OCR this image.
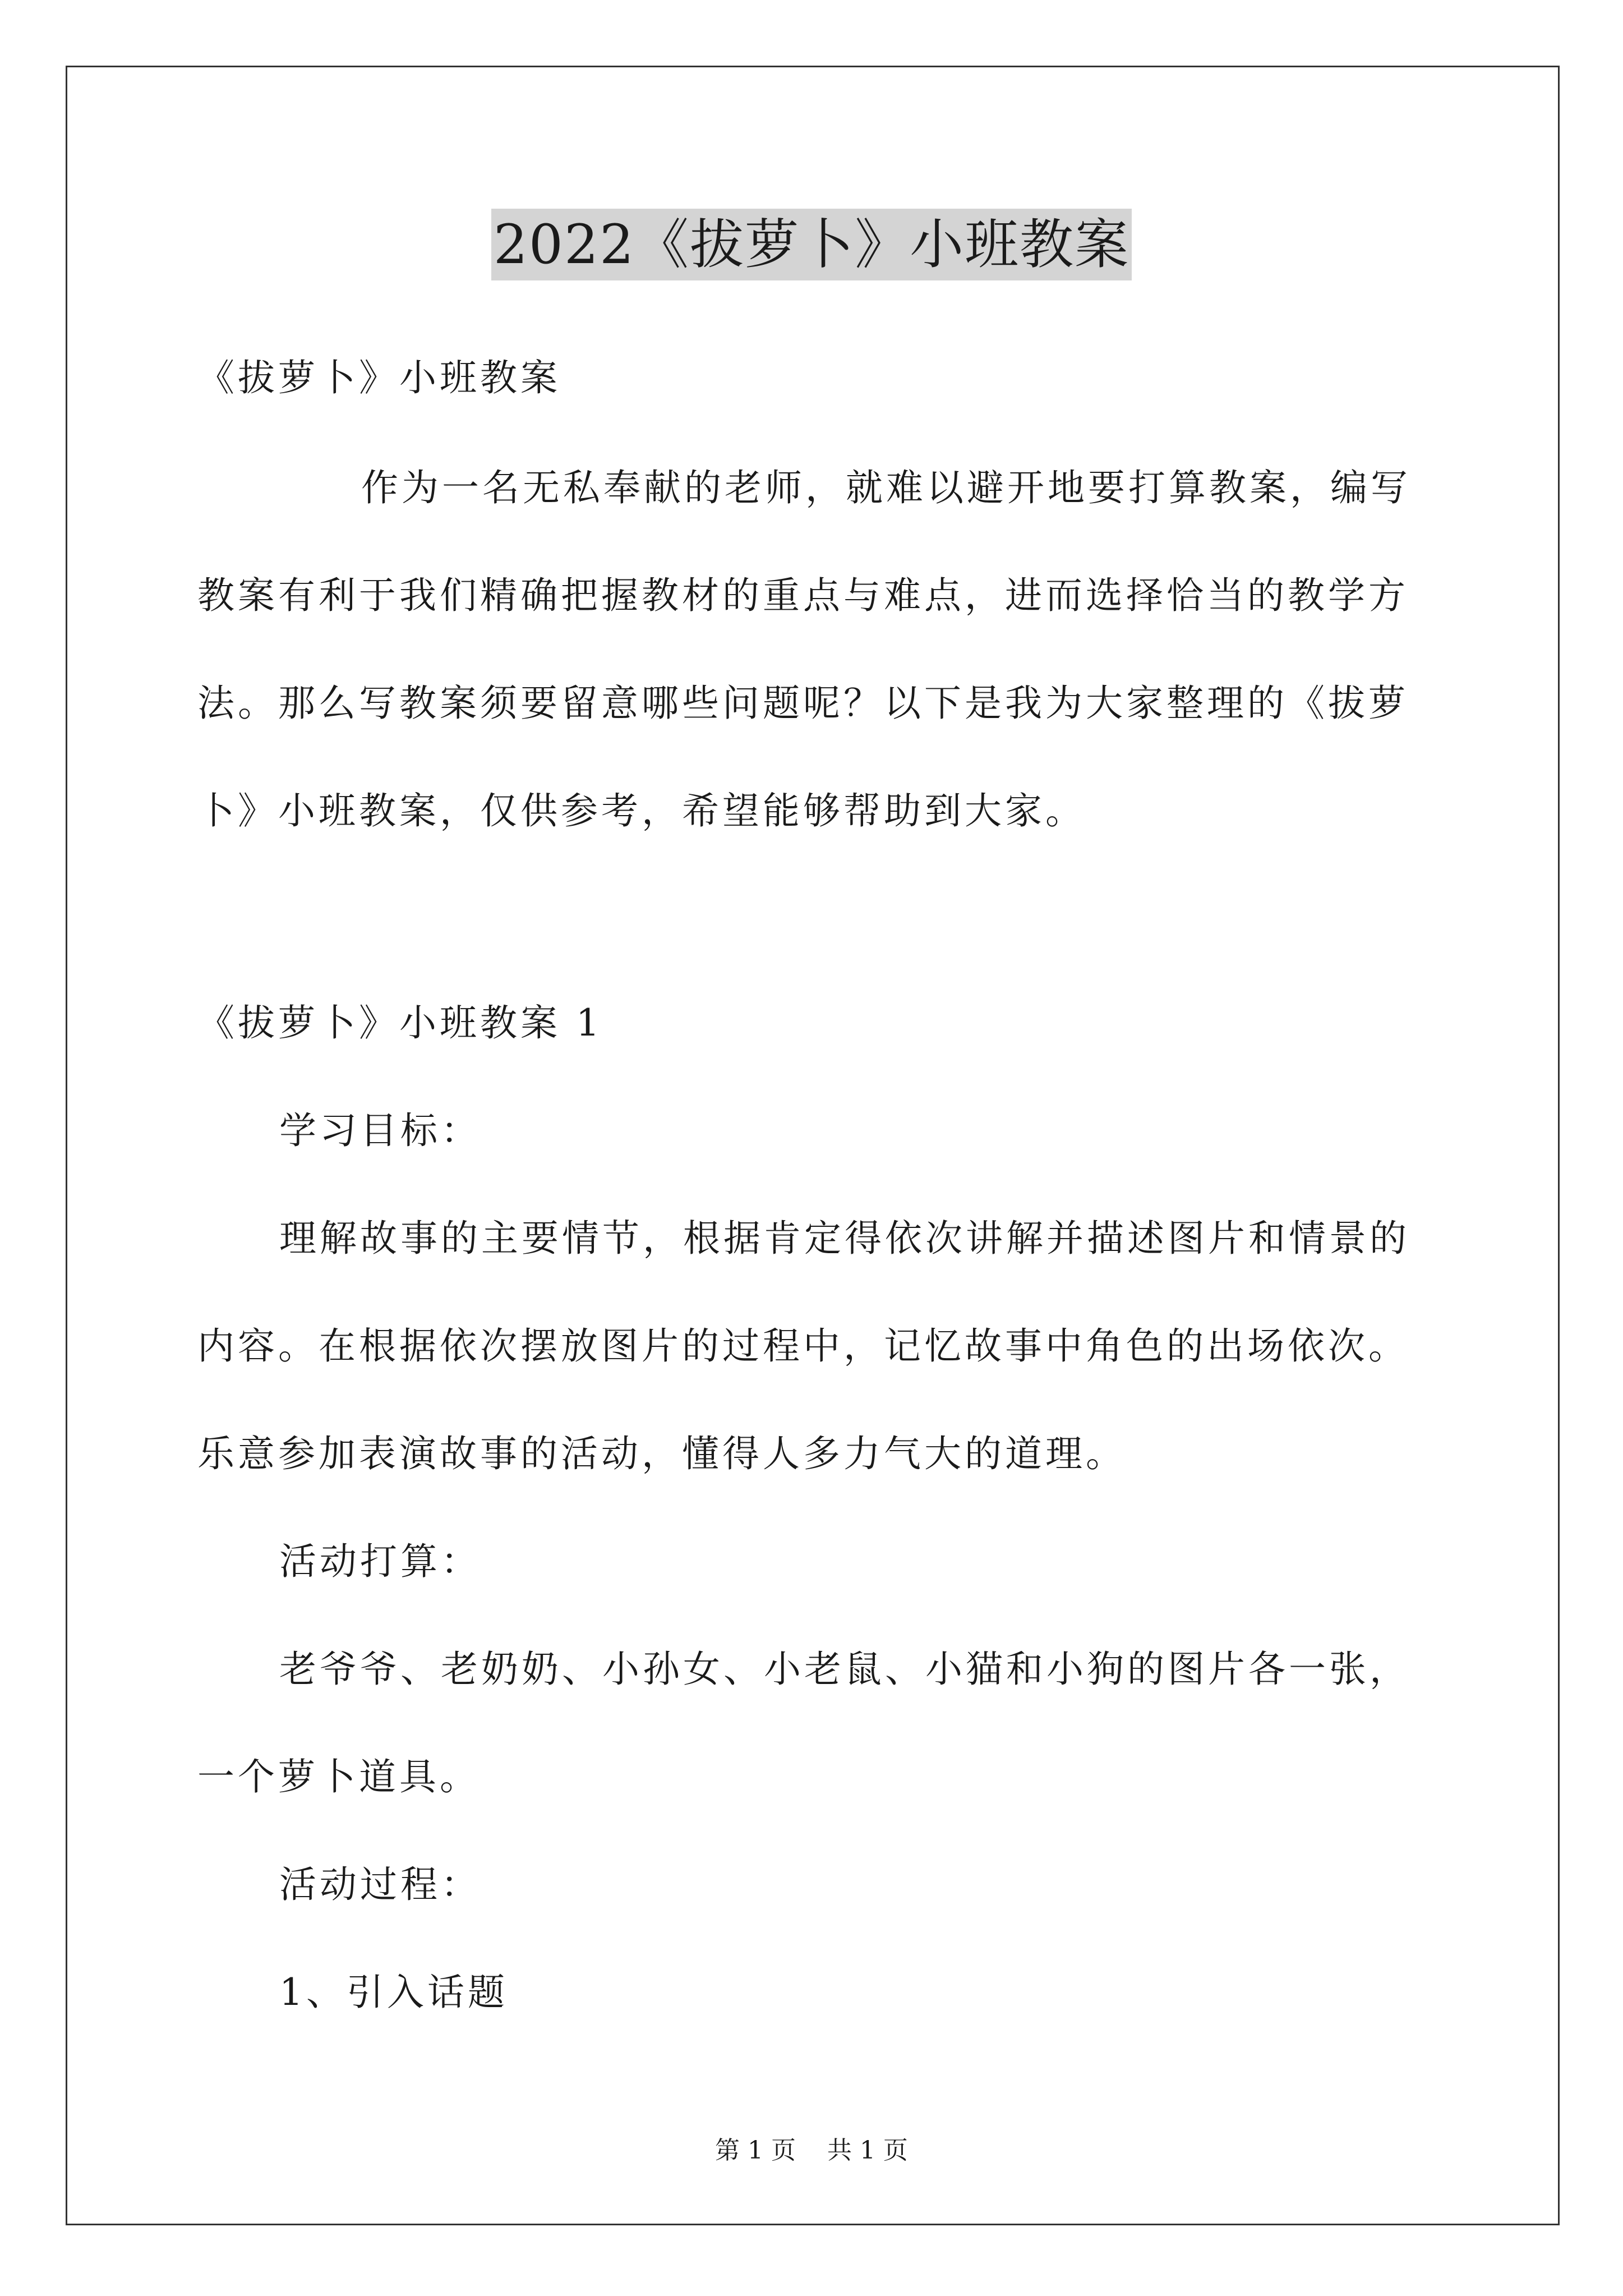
2022《拔萝卜》小班教案
《拔萝卜》小班教案
作为一名无私奉献的老师，就难以避开地要打算教案，编写
教案有利于我们精确把握教材的重点与难点，进而选择恰当的教学方
法。那么写教案须要留意哪些问题呢？以下是我为大家整理的《拔萝
卜》小班教案，仅供参考，希望能够帮助到大家。
《拔萝卜》小班教案 1
学习目标：
理解故事的主要情节，根据肯定得依次讲解并描述图片和情景的
内容。在根据依次摆放图片的过程中，记忆故事中角色的出场依次。
乐意参加表演故事的活动，懂得人多力气大的道理。
活动打算：
老爷爷、老奶奶、小孙女、小老鼠、小猫和小狗的图片各一张，
一个萝卜道具。
活动过程：
1、引入话题
第 1 页    共 1 页
